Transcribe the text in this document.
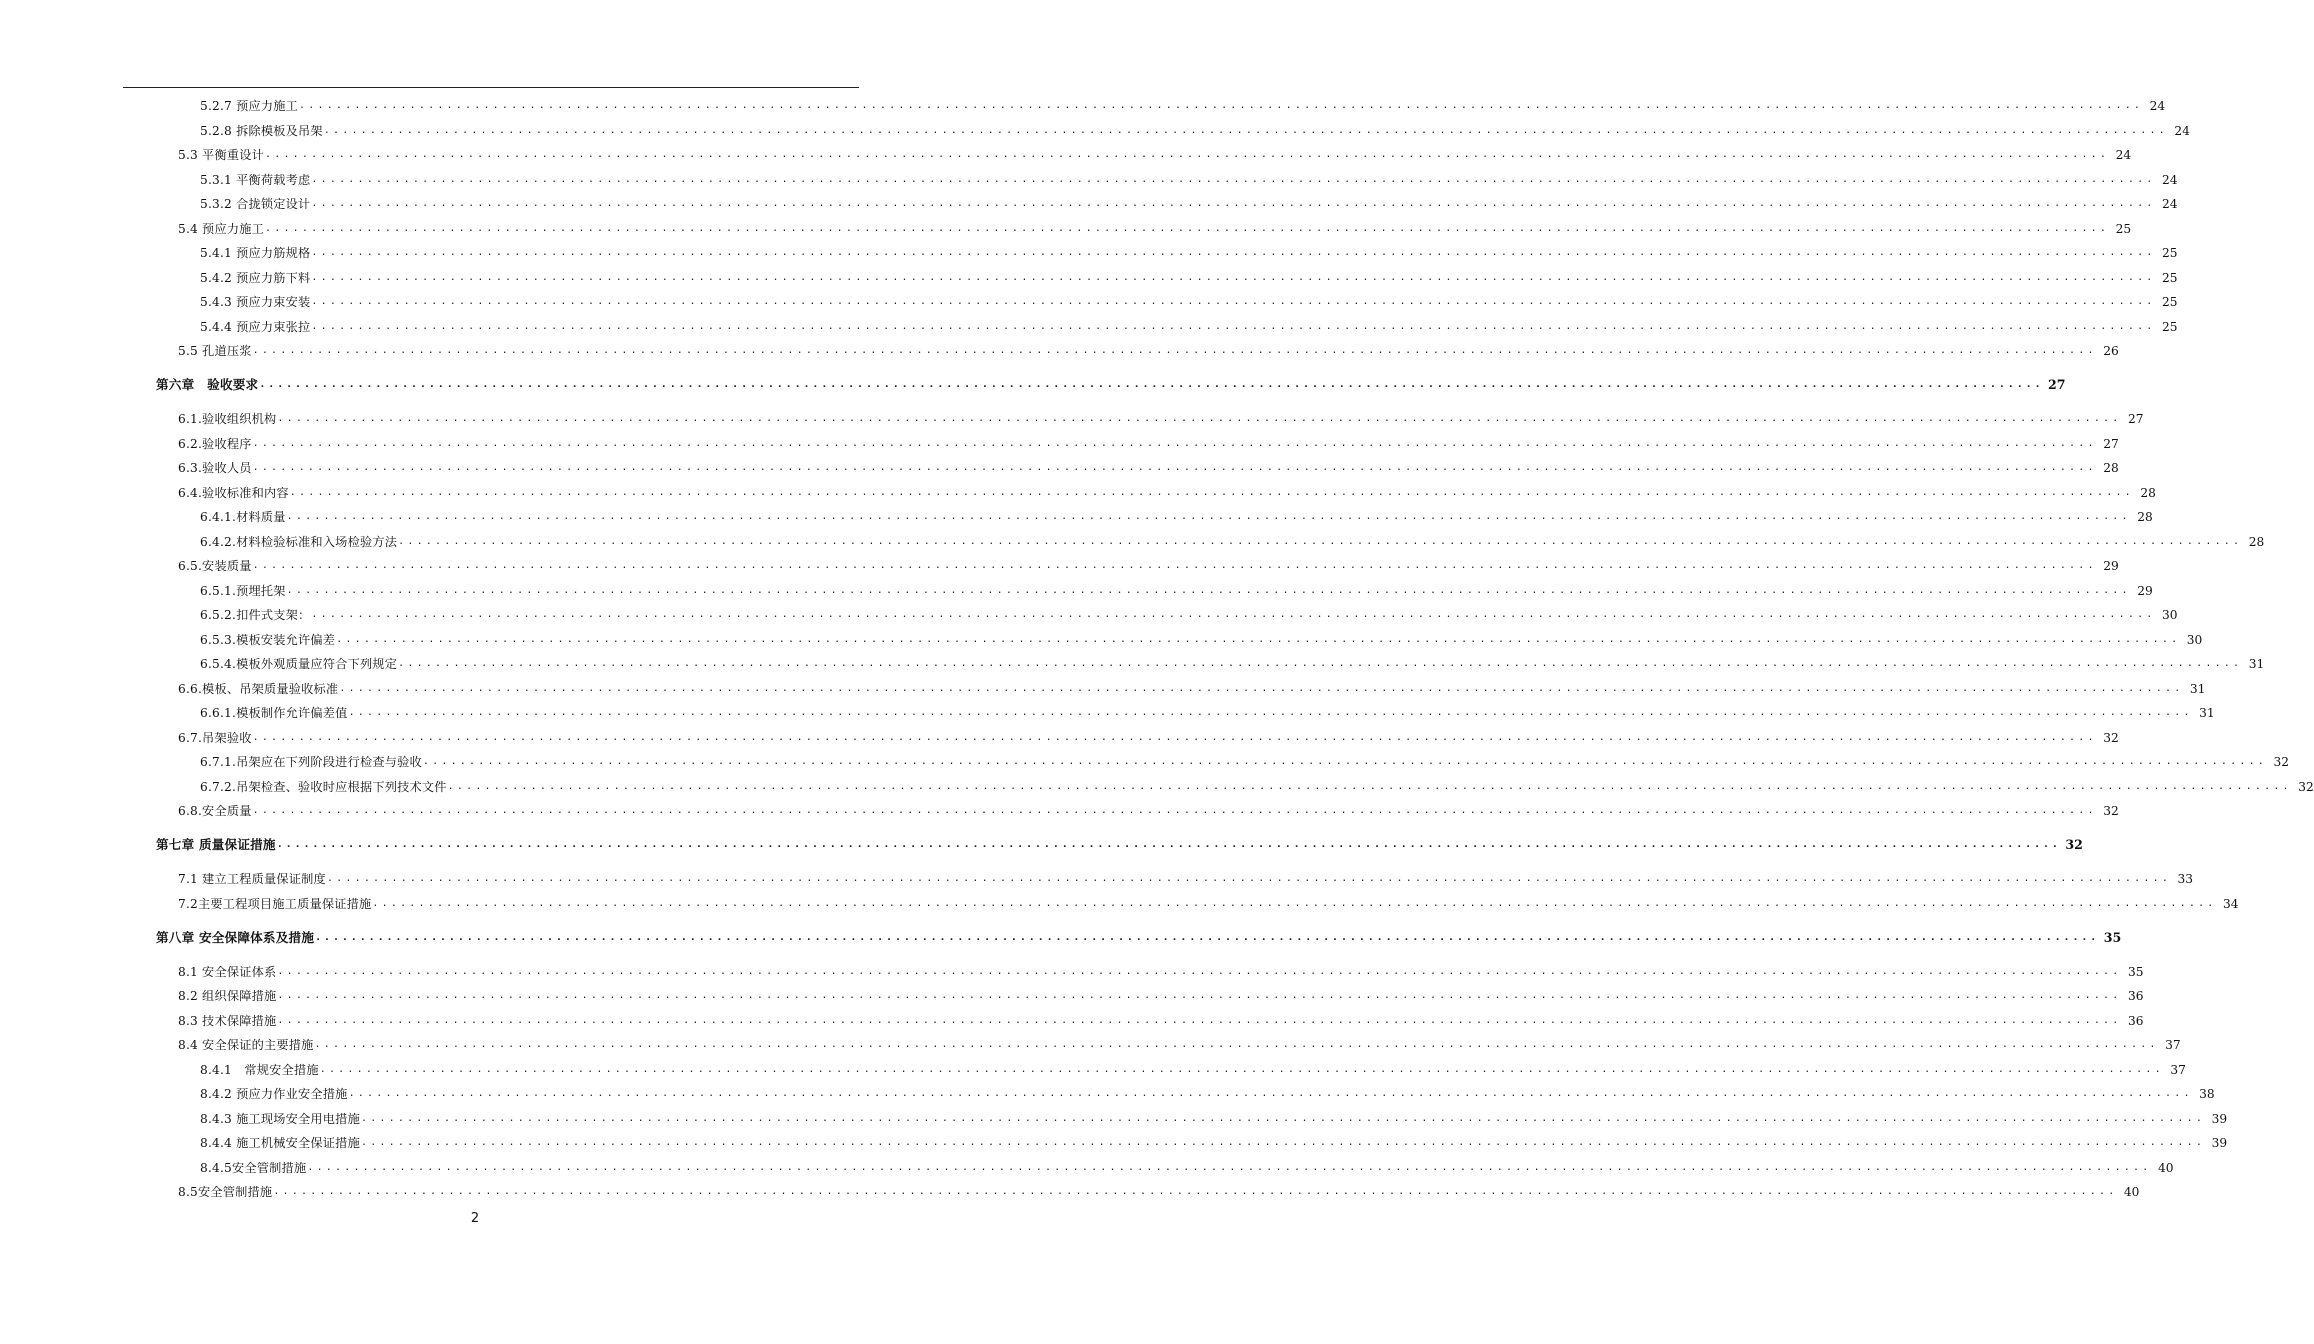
5.2.7 预应力施工 ........................................................................................................................................................................................................ 24
5.2.8 拆除模板及吊架 ........................................................................................................................................................................................................ 24
5.3 平衡重设计 ........................................................................................................................................................................................................ 24
5.3.1 平衡荷载考虑 ........................................................................................................................................................................................................ 24
5.3.2 合拢锁定设计 ........................................................................................................................................................................................................ 24
5.4 预应力施工 ........................................................................................................................................................................................................ 25
5.4.1 预应力筋规格 ........................................................................................................................................................................................................ 25
5.4.2 预应力筋下料 ........................................................................................................................................................................................................ 25
5.4.3 预应力束安装 ........................................................................................................................................................................................................ 25
5.4.4 预应力束张拉 ........................................................................................................................................................................................................ 25
5.5 孔道压浆 ........................................................................................................................................................................................................ 26
第六章　验收要求 ........................................................................................................................................................................................................ 27
6.1.验收组织机构 ........................................................................................................................................................................................................ 27
6.2.验收程序 ........................................................................................................................................................................................................ 27
6.3.验收人员 ........................................................................................................................................................................................................ 28
6.4.验收标准和内容 ........................................................................................................................................................................................................ 28
6.4.1.材料质量 ........................................................................................................................................................................................................ 28
6.4.2.材料检验标准和入场检验方法 ........................................................................................................................................................................................................ 28
6.5.安装质量 ........................................................................................................................................................................................................ 29
6.5.1.预埋托架 ........................................................................................................................................................................................................ 29
6.5.2.扣件式支架： ........................................................................................................................................................................................................ 30
6.5.3.模板安装允许偏差 ........................................................................................................................................................................................................ 30
6.5.4.模板外观质量应符合下列规定 ........................................................................................................................................................................................................ 31
6.6.模板、吊架质量验收标准 ........................................................................................................................................................................................................ 31
6.6.1.模板制作允许偏差值 ........................................................................................................................................................................................................ 31
6.7.吊架验收 ........................................................................................................................................................................................................ 32
6.7.1.吊架应在下列阶段进行检查与验收 ........................................................................................................................................................................................................ 32
6.7.2.吊架检查、验收时应根据下列技术文件 ........................................................................................................................................................................................................ 32
6.8.安全质量 ........................................................................................................................................................................................................ 32
第七章 质量保证措施 ........................................................................................................................................................................................................ 32
7.1 建立工程质量保证制度 ........................................................................................................................................................................................................ 33
7.2主要工程项目施工质量保证措施 ........................................................................................................................................................................................................ 34
第八章 安全保障体系及措施 ........................................................................................................................................................................................................ 35
8.1 安全保证体系 ........................................................................................................................................................................................................ 35
8.2 组织保障措施 ........................................................................................................................................................................................................ 36
8.3 技术保障措施 ........................................................................................................................................................................................................ 36
8.4 安全保证的主要措施 ........................................................................................................................................................................................................ 37
8.4.1　常规安全措施 ........................................................................................................................................................................................................ 37
8.4.2 预应力作业安全措施 ........................................................................................................................................................................................................ 38
8.4.3 施工现场安全用电措施 ........................................................................................................................................................................................................ 39
8.4.4 施工机械安全保证措施 ........................................................................................................................................................................................................ 39
8.4.5安全管制措施 ........................................................................................................................................................................................................ 40
8.5安全管制措施 ........................................................................................................................................................................................................ 40
2
